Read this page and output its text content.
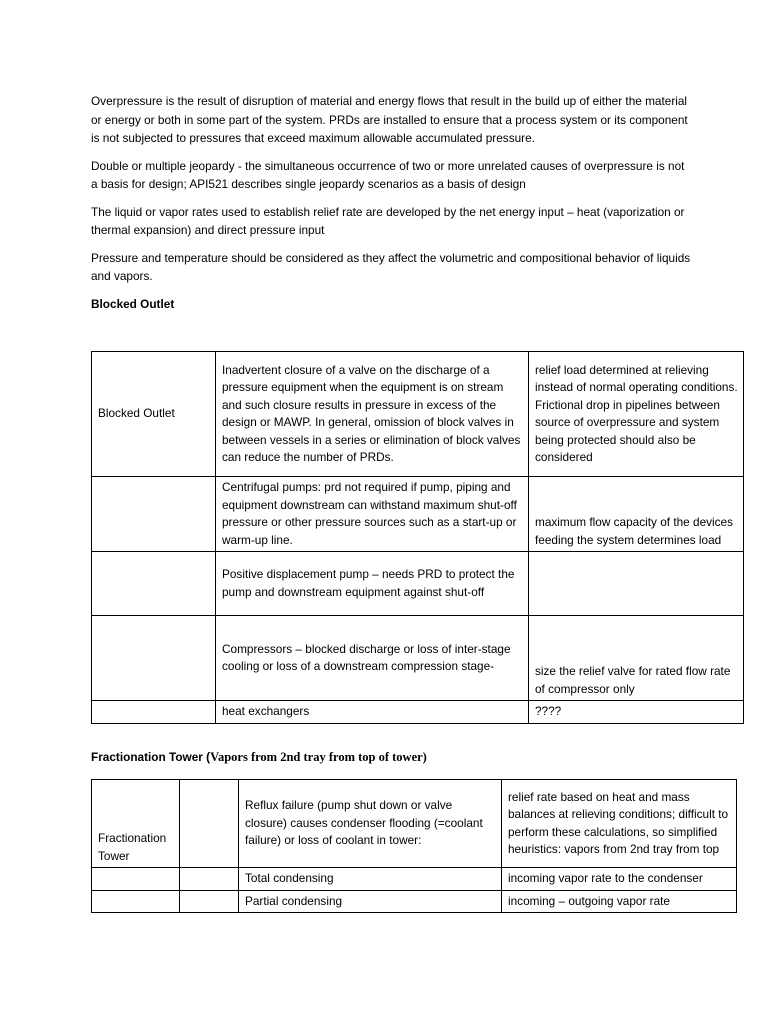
Overpressure is the result of disruption of material and energy flows that result in the build up of either the material or energy or both in some part of the system. PRDs are installed to ensure that a process system or its component is not subjected to pressures that exceed maximum allowable accumulated pressure.

Double or multiple jeopardy - the simultaneous occurrence of two or more unrelated causes of overpressure is not a basis for design; API521 describes single jeopardy scenarios as a basis of design

The liquid or vapor rates used to establish relief rate are developed by the net energy input – heat (vaporization or thermal expansion) and direct pressure input

Pressure and temperature should be considered as they affect the volumetric and compositional behavior of liquids and vapors.

Blocked Outlet
Blocked Outlet	Inadvertent closure of a valve on the discharge of a pressure equipment when the equipment is on stream and such closure results in pressure in excess of the design or MAWP. In general, omission of block valves in between vessels in a series or elimination of block valves can reduce the number of PRDs.	relief load determined at relieving instead of normal operating conditions. Frictional drop in pipelines between source of overpressure and system being protected should also be considered
	Centrifugal pumps: prd not required if pump, piping and equipment downstream can withstand maximum shut-off pressure or other pressure sources such as a start-up or warm-up line.	maximum flow capacity of the devices feeding the system determines load
	Positive displacement pump – needs PRD to protect the pump and downstream equipment against shut-off	
	Compressors – blocked discharge or loss of inter-stage cooling or loss of a downstream compression stage-	size the relief valve for rated flow rate of compressor only
	heat exchangers	????
Fractionation Tower (Vapors from 2nd tray from top of tower)
Fractionation Tower		Reflux failure (pump shut down or valve closure) causes condenser flooding (=coolant failure) or loss of coolant in tower:	relief rate based on heat and mass balances at relieving conditions; difficult to perform these calculations, so simplified heuristics: vapors from 2nd tray from top
		Total condensing	incoming vapor rate to the condenser
		Partial condensing	incoming – outgoing vapor rate
